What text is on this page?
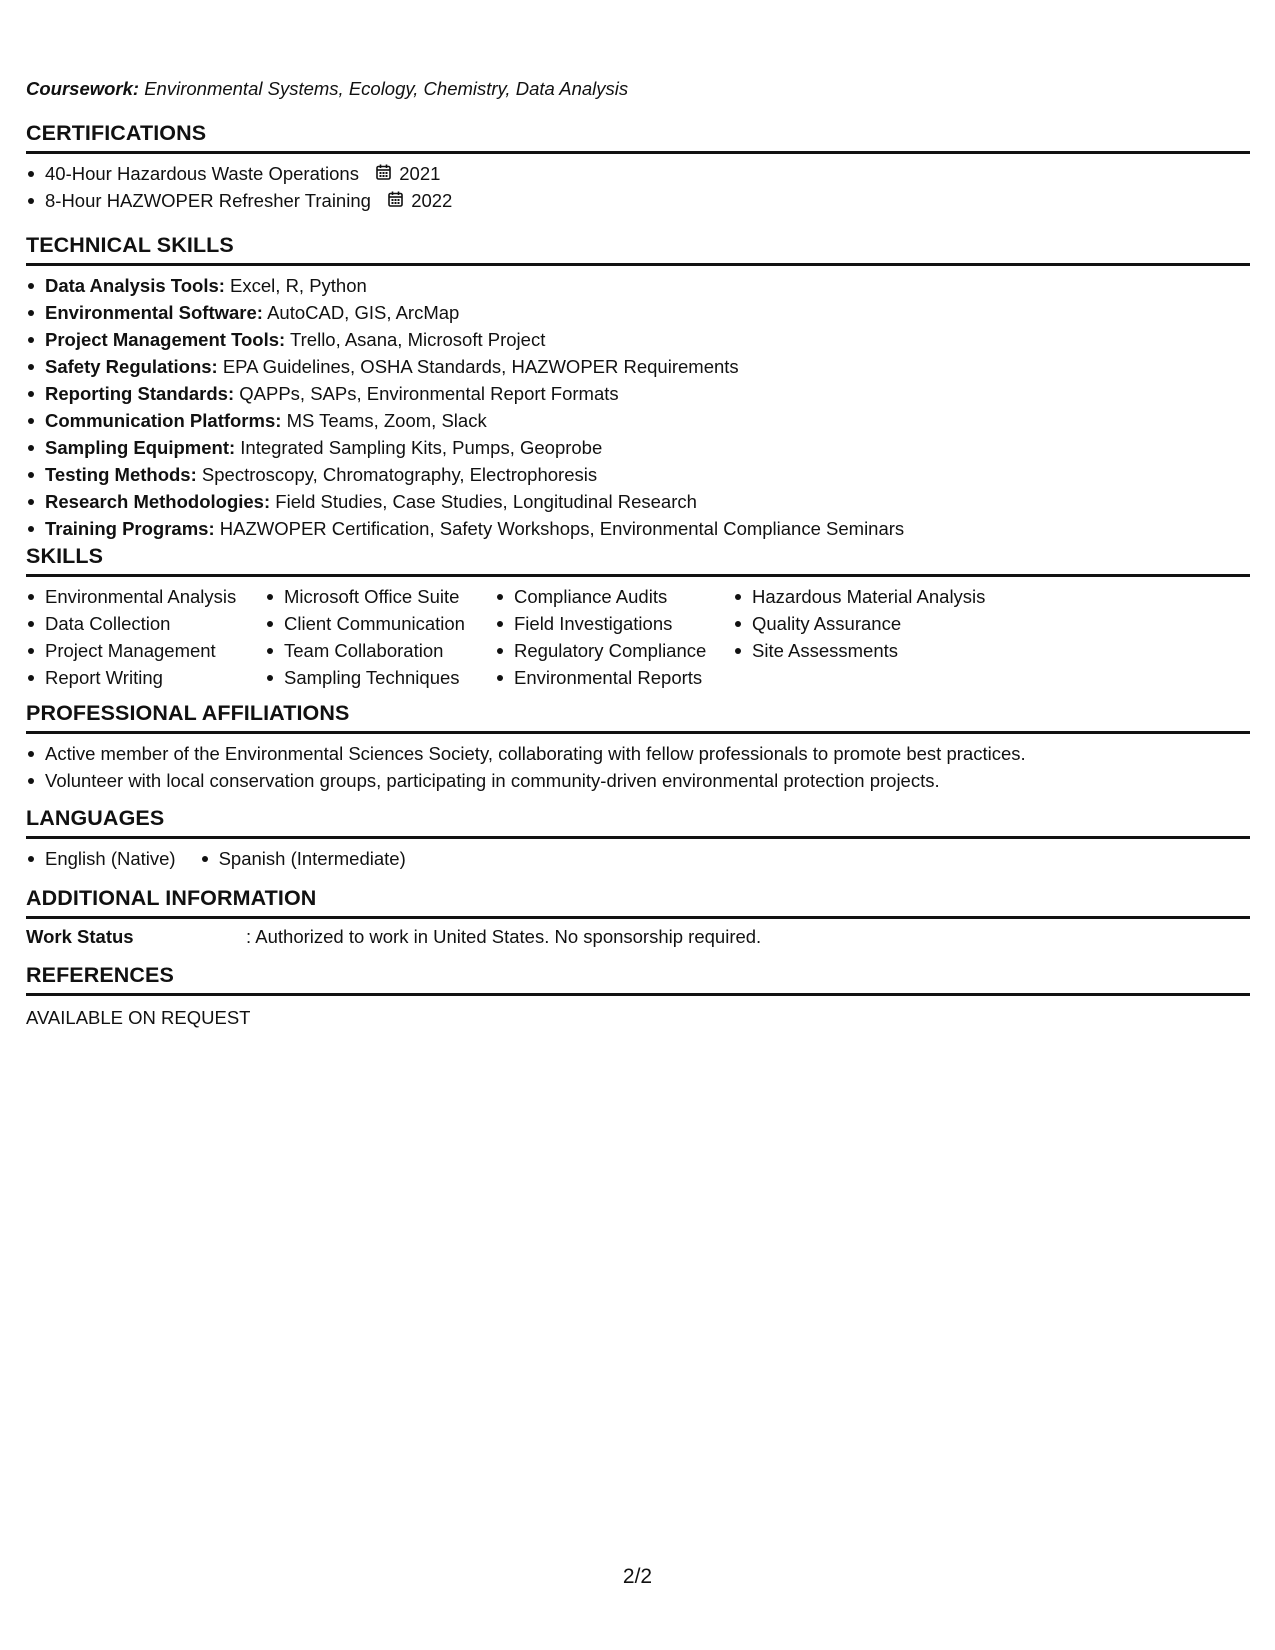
Coursework: Environmental Systems, Ecology, Chemistry, Data Analysis
CERTIFICATIONS
40-Hour Hazardous Waste Operations 2021
8-Hour HAZWOPER Refresher Training 2022
TECHNICAL SKILLS
Data Analysis Tools: Excel, R, Python
Environmental Software: AutoCAD, GIS, ArcMap
Project Management Tools: Trello, Asana, Microsoft Project
Safety Regulations: EPA Guidelines, OSHA Standards, HAZWOPER Requirements
Reporting Standards: QAPPs, SAPs, Environmental Report Formats
Communication Platforms: MS Teams, Zoom, Slack
Sampling Equipment: Integrated Sampling Kits, Pumps, Geoprobe
Testing Methods: Spectroscopy, Chromatography, Electrophoresis
Research Methodologies: Field Studies, Case Studies, Longitudinal Research
Training Programs: HAZWOPER Certification, Safety Workshops, Environmental Compliance Seminars
SKILLS
Environmental Analysis
Data Collection
Project Management
Report Writing
Microsoft Office Suite
Client Communication
Team Collaboration
Sampling Techniques
Compliance Audits
Field Investigations
Regulatory Compliance
Environmental Reports
Hazardous Material Analysis
Quality Assurance
Site Assessments
PROFESSIONAL AFFILIATIONS
Active member of the Environmental Sciences Society, collaborating with fellow professionals to promote best practices.
Volunteer with local conservation groups, participating in community-driven environmental protection projects.
LANGUAGES
English (Native)	Spanish (Intermediate)
ADDITIONAL INFORMATION
Work Status	: Authorized to work in United States. No sponsorship required.
REFERENCES
AVAILABLE ON REQUEST
2/2
